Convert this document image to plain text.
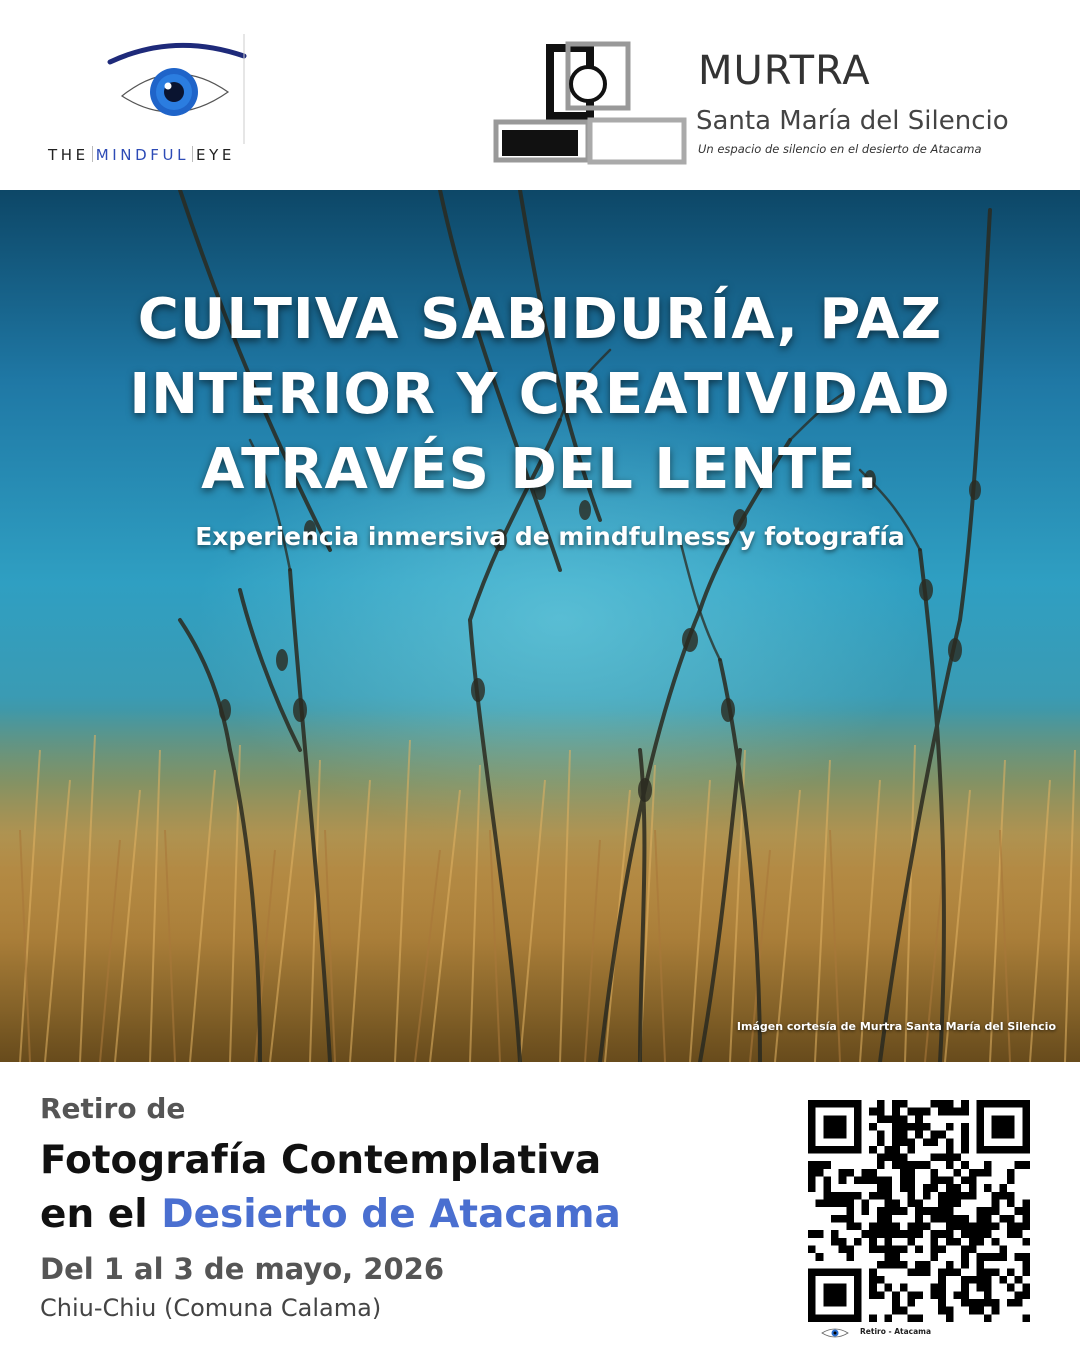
THE MINDFUL EYE
MURTRA
Santa María del Silencio
Un espacio de silencio en el desierto de Atacama
CULTIVA SABIDURÍA, PAZ
INTERIOR Y CREATIVIDAD
ATRAVÉS DEL LENTE.
Experiencia inmersiva de mindfulness y fotografía
Imágen cortesía de Murtra Santa María del Silencio
Retiro de
Fotografía Contemplativa
en el Desierto de Atacama
Del 1 al 3 de mayo, 2026
Chiu-Chiu (Comuna Calama)
Retiro - Atacama
